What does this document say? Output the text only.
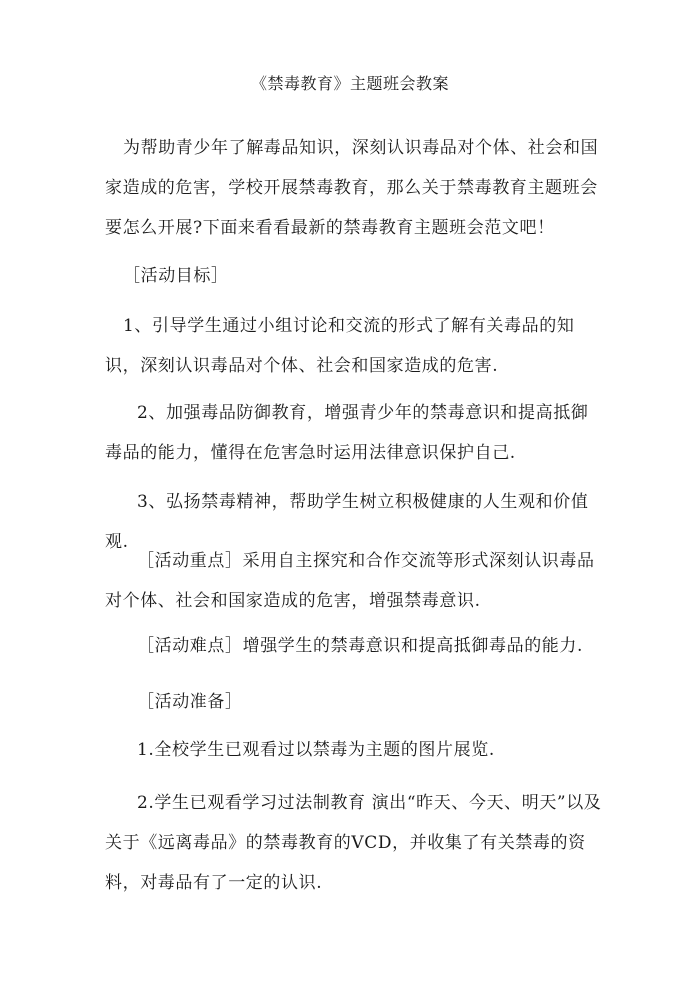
《禁毒教育》主题班会教案

为帮助青少年了解毒品知识，深刻认识毒品对个体、社会和国家造成的危害，学校开展禁毒教育，那么关于禁毒教育主题班会要怎么开展?下面来看看最新的禁毒教育主题班会范文吧！

［活动目标］

1、引导学生通过小组讨论和交流的形式了解有关毒品的知识，深刻认识毒品对个体、社会和国家造成的危害.

2、加强毒品防御教育，增强青少年的禁毒意识和提高抵御毒品的能力，懂得在危害急时运用法律意识保护自己.

3、弘扬禁毒精神，帮助学生树立积极健康的人生观和价值观.

［活动重点］采用自主探究和合作交流等形式深刻认识毒品对个体、社会和国家造成的危害，增强禁毒意识.

［活动难点］增强学生的禁毒意识和提高抵御毒品的能力.

［活动准备］

1.全校学生已观看过以禁毒为主题的图片展览.

2.学生已观看学习过法制教育 演出“昨天、今天、明天”以及关于《远离毒品》的禁毒教育的VCD，并收集了有关禁毒的资料，对毒品有了一定的认识.
